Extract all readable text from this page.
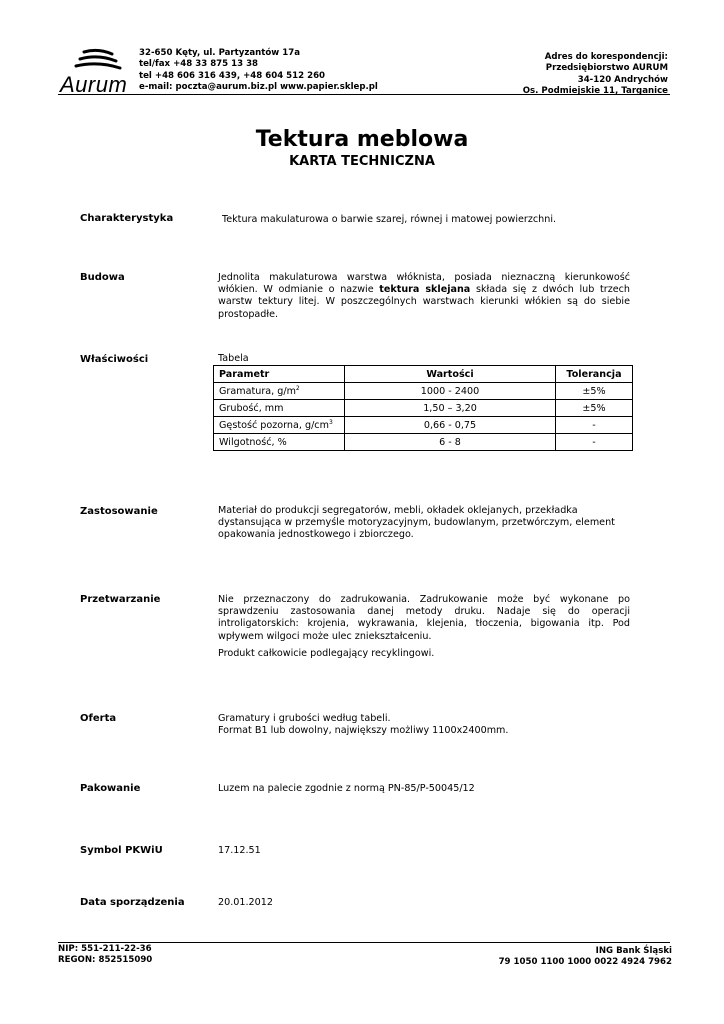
Aurum
32-650 Kęty, ul. Partyzantów 17a
tel/fax +48 33 875 13 38
tel +48 606 316 439, +48 604 512 260
e-mail: poczta@aurum.biz.pl www.papier.sklep.pl
Adres do korespondencji:
Przedsiębiorstwo AURUM
34-120 Andrychów
Os. Podmiejskie 11, Targanice
Tektura meblowa
KARTA TECHNICZNA
Charakterystyka	Tektura makulaturowa o barwie szarej, równej i matowej powierzchni.
Budowa	Jednolita makulaturowa warstwa włóknista, posiada nieznaczną kierunkowość włókien. W odmianie o nazwie tektura sklejana składa się z dwóch lub trzech warstw tektury litej. W poszczególnych warstwach kierunki włókien są do siebie prostopadłe.
Właściwości	Tabela
Parametr	Wartości	Tolerancja
Gramatura, $g/m^2$	1000 - 2400	±5%
Grubość, mm	1,50 – 3,20	±5%
Gęstość pozorna, $g/cm^3$	0,66 - 0,75	-
Wilgotność, %	6 - 8	-
Zastosowanie	Materiał do produkcji segregatorów, mebli, okładek oklejanych, przekładka dystansująca w przemyśle motoryzacyjnym, budowlanym, przetwórczym, element opakowania jednostkowego i zbiorczego.
Przetwarzanie	Nie przeznaczony do zadrukowania. Zadrukowanie może być wykonane po sprawdzeniu zastosowania danej metody druku. Nadaje się do operacji introligatorskich: krojenia, wykrawania, klejenia, tłoczenia, bigowania itp. Pod wpływem wilgoci może ulec zniekształceniu.
Produkt całkowicie podlegający recyklingowi.
Oferta	Gramatury i grubości według tabeli.
Format B1 lub dowolny, największy możliwy 1100x2400mm.
Pakowanie	Luzem na palecie zgodnie z normą PN-85/P-50045/12
Symbol PKWiU	17.12.51
Data sporządzenia	20.01.2012
NIP: 551-211-22-36
REGON: 852515090
ING Bank Śląski
79 1050 1100 1000 0022 4924 7962
